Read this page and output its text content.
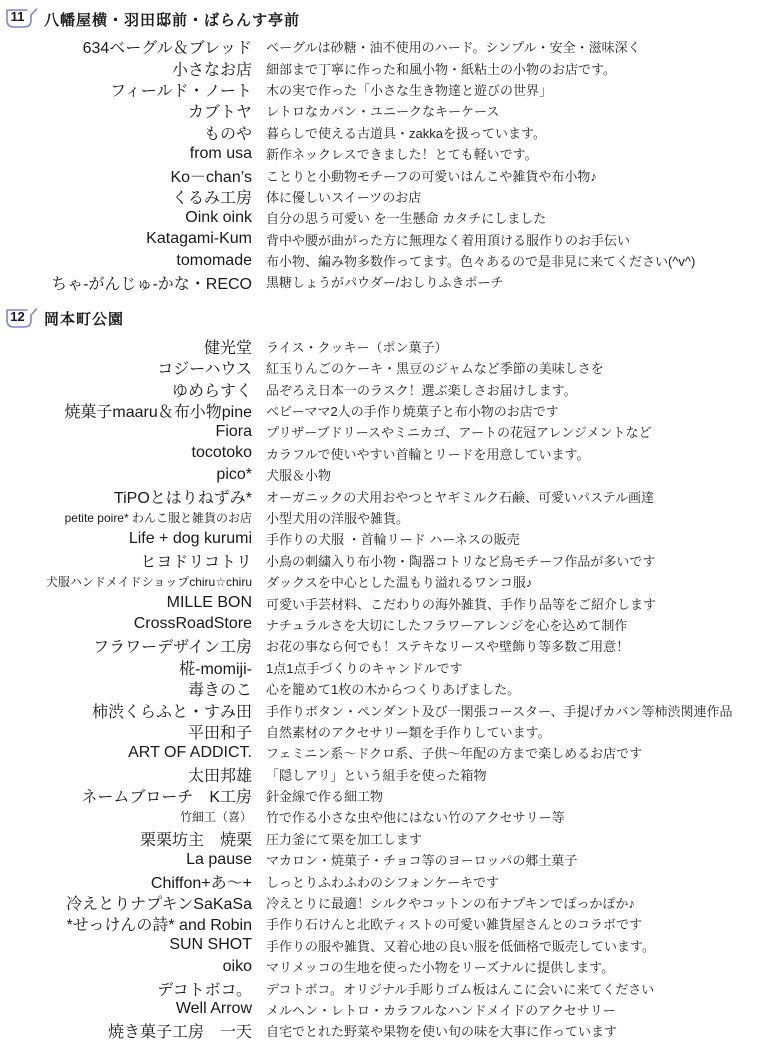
11	八幡屋横・羽田邸前・ばらんす亭前
634ベーグル＆ブレッド ベーグルは砂糖・油不使用のハード。シンプル・安全・滋味深く
小さなお店 細部まで丁寧に作った和風小物・紙粘土の小物のお店です。
フィールド・ノート 木の実で作った「小さな生き物達と遊びの世界」
カブトヤ レトロなカバン・ユニークなキーケース
ものや 暮らしで使える古道具・zakkaを扱っています。
from usa 新作ネックレスできました！とても軽いです。
Ko－chan’s ことりと小動物モチーフの可愛いはんこや雑貨や布小物♪
くるみ工房 体に優しいスイーツのお店
Oink oink 自分の思う可愛い を一生懸命 カタチにしました
Katagami-Kum 背中や腰が曲がった方に無理なく着用頂ける服作りのお手伝い
tomomade 布小物、編み物多数作ってます。色々あるので是非見に来てください(^v^)
ちゃ-がんじゅ-かな・RECO 黒糖しょうがパウダー/おしりふきポーチ
12	岡本町公園
健光堂 ライス・クッキー（ポン菓子）
コジーハウス 紅玉りんごのケーキ・黒豆のジャムなど季節の美味しさを
ゆめらすく 品ぞろえ日本一のラスク！選ぶ楽しさお届けします。
焼菓子maaru＆布小物pine ベビーママ2人の手作り焼菓子と布小物のお店です
Fiora プリザーブドリースやミニカゴ、アートの花冠アレンジメントなど
tocotoko カラフルで使いやすい首輪とリードを用意しています。
pico* 犬服＆小物
TiPOとはりねずみ* オーガニックの犬用おやつとヤギミルク石鹸、可愛いパステル画達
petite poire* わんこ服と雑貨のお店 小型犬用の洋服や雑貨。
Life + dog kurumi 手作りの犬服 ・首輪リード ハーネスの販売
ヒヨドリコトリ 小鳥の刺繍入り布小物・陶器コトリなど鳥モチーフ作品が多いです
犬服ハンドメイドショップchiru☆chiru ダックスを中心とした温もり溢れるワンコ服♪
MILLE BON 可愛い手芸材料、こだわりの海外雑貨、手作り品等をご紹介します
CrossRoadStore ナチュラルさを大切にしたフラワーアレンジを心を込めて制作
フラワーデザイン工房 お花の事なら何でも！ステキなリースや壁飾り等多数ご用意！
椛-momiji- 1点1点手づくりのキャンドルです
毒きのこ 心を籠めて1枚の木からつくりあげました。
柿渋くらふと・すみ田 手作りボタン・ペンダント及び一閑張コースター、手提げカバン等柿渋関連作品
平田和子 自然素材のアクセサリー類を手作りしています。
ART OF ADDICT. フェミニン系～ドクロ系、子供～年配の方まで楽しめるお店です
太田邦雄 「隠しアリ」という組手を使った箱物
ネームブローチ　K工房 針金線で作る細工物
竹細工（喜） 竹で作る小さな虫や他にはない竹のアクセサリー等
栗栗坊主　焼栗 圧力釜にて栗を加工します
La pause マカロン・焼菓子・チョコ等のヨーロッパの郷土菓子
Chiffon+あ～+ しっとりふわふわのシフォンケーキです
冷えとりナプキンSaKaSa 冷えとりに最適！シルクやコットンの布ナプキンでぽっかぽか♪
*せっけんの詩* and Robin 手作り石けんと北欧ティストの可愛い雑貨屋さんとのコラボです
SUN SHOT 手作りの服や雑貨、又着心地の良い服を低価格で販売しています。
oiko マリメッコの生地を使った小物をリーズナルに提供します。
デコトボコ。 デコトボコ。オリジナル手彫りゴム板はんこに会いに来てください
Well Arrow メルヘン・レトロ・カラフルなハンドメイドのアクセサリー
焼き菓子工房　一天 自宅でとれた野菜や果物を使い旬の味を大事に作っています
